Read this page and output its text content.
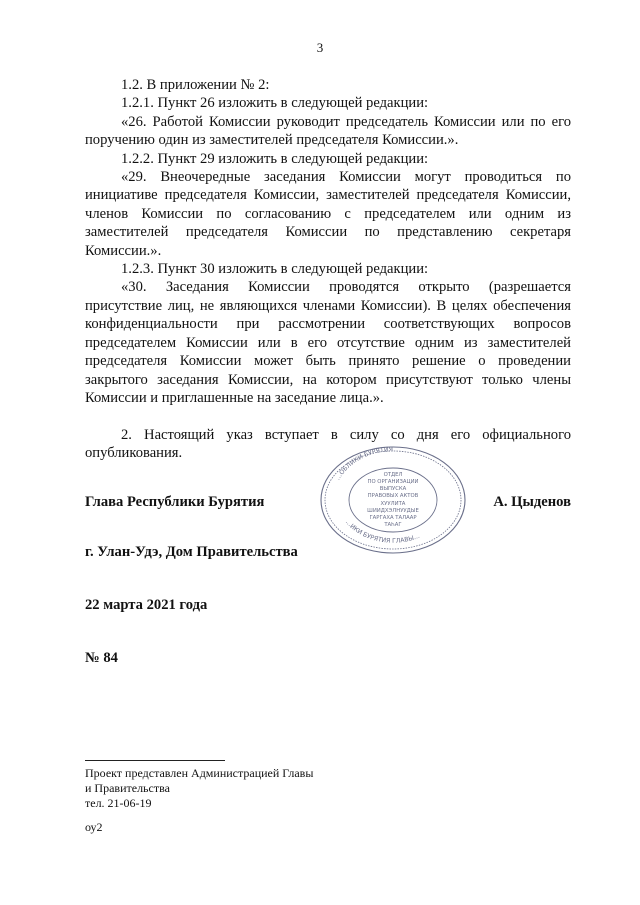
3

1.2. В приложении № 2:

1.2.1. Пункт 26 изложить в следующей редакции:

«26. Работой Комиссии руководит председатель Комиссии или по его поручению один из заместителей председателя Комиссии.».

1.2.2. Пункт 29 изложить в следующей редакции:

«29. Внеочередные заседания Комиссии могут проводиться по инициативе председателя Комиссии, заместителей председателя Комиссии, членов Комиссии по согласованию с председателем или одним из заместителей председателя Комиссии по представлению секретаря Комиссии.».

1.2.3. Пункт 30 изложить в следующей редакции:

«30. Заседания Комиссии проводятся открыто (разрешается присутствие лиц, не являющихся членами Комиссии). В целях обеспечения конфиденциальности при рассмотрении соответствующих вопросов председателем Комиссии или в его отсутствие одним из заместителей председателя Комиссии может быть принято решение о проведении закрытого заседания Комиссии, на котором присутствуют только члены Комиссии и приглашенные на заседание лица.».

2. Настоящий указ вступает в силу со дня его официального опубликования.

Глава Республики Бурятия
…ОБЛИКИ БУРЯТИЯ
…ИКИ БУРЯТИЯ ГЛАВЫ…
ОТДЕЛ
ПО ОРГАНИЗАЦИИ
ВЫПУСКА
ПРАВОВЫХ АКТОВ
ХУУЛИТА
ШИИДХЭЛНУУДЫЕ
ГАРГАХА ТАЛААР
ТАҺАГ
А. Цыденов
г. Улан-Удэ, Дом Правительства
22 марта 2021 года
№ 84
Проект представлен Администрацией Главы
и Правительства
тел. 21-06-19
оу2
